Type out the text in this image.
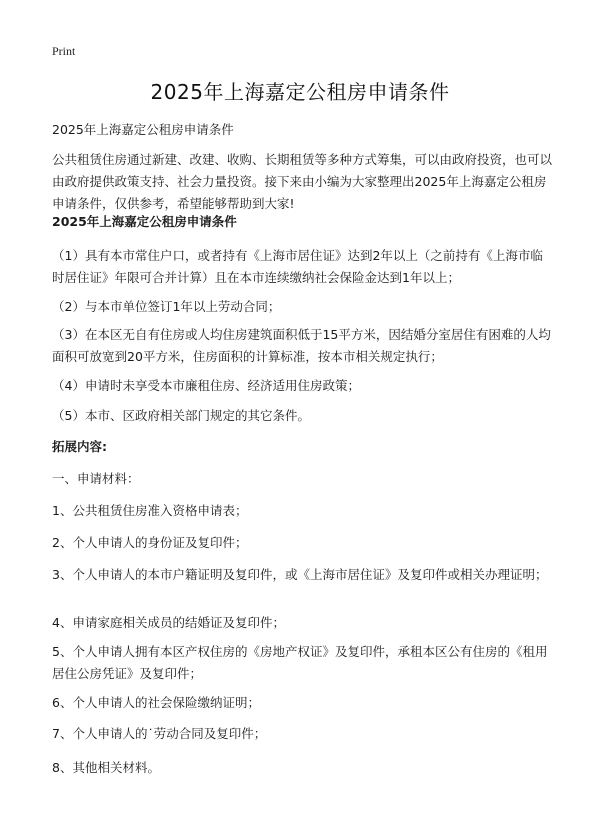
Print
2025年上海嘉定公租房申请条件
2025年上海嘉定公租房申请条件
公共租赁住房通过新建、改建、收购、长期租赁等多种方式筹集，可以由政府投资，也可以由政府提供政策支持、社会力量投资。接下来由小编为大家整理出2025年上海嘉定公租房申请条件，仅供参考，希望能够帮助到大家!
2025年上海嘉定公租房申请条件
（1）具有本市常住户口，或者持有《上海市居住证》达到2年以上（之前持有《上海市临时居住证》年限可合并计算）且在本市连续缴纳社会保险金达到1年以上；
（2）与本市单位签订1年以上劳动合同；
（3）在本区无自有住房或人均住房建筑面积低于15平方米，因结婚分室居住有困难的人均面积可放宽到20平方米，住房面积的计算标准，按本市相关规定执行；
（4）申请时未享受本市廉租住房、经济适用住房政策；
（5）本市、区政府相关部门规定的其它条件。
拓展内容:
一、申请材料：
1、公共租赁住房准入资格申请表；
2、个人申请人的身份证及复印件；
3、个人申请人的本市户籍证明及复印件，或《上海市居住证》及复印件或相关办理证明；
4、申请家庭相关成员的结婚证及复印件；
5、个人申请人拥有本区产权住房的《房地产权证》及复印件，承租本区公有住房的《租用居住公房凭证》及复印件；
6、个人申请人的社会保险缴纳证明；
7、个人申请人的˙劳动合同及复印件；
8、其他相关材料。
